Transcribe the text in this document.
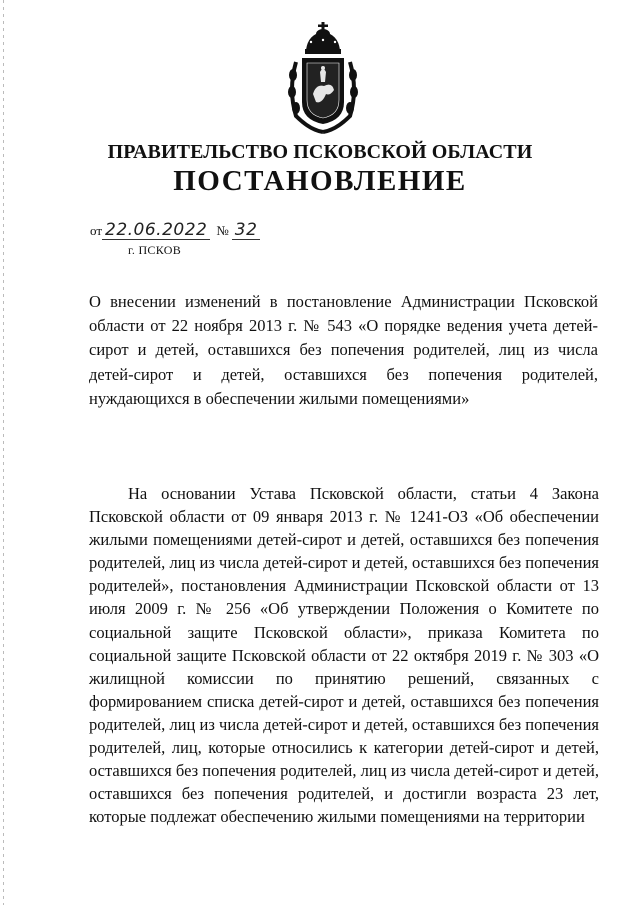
ПРАВИТЕЛЬСТВО ПСКОВСКОЙ ОБЛАСТИ
ПОСТАНОВЛЕНИЕ
от 22.06.2022 № 32
г. ПСКОВ
О внесении изменений в постановление Администрации Псковской области от 22 ноября 2013 г. № 543 «О порядке ведения учета детей-сирот и детей, оставшихся без попечения родителей, лиц из числа детей-сирот и детей, оставшихся без попечения родителей, нуждающихся в обеспечении жилыми помещениями»
На основании Устава Псковской области, статьи 4 Закона Псковской области от 09 января 2013 г. № 1241-ОЗ «Об обеспечении жилыми помещениями детей-сирот и детей, оставшихся без попечения родителей, лиц из числа детей-сирот и детей, оставшихся без попечения родителей», постановления Администрации Псковской области от 13 июля 2009 г. № 256 «Об утверждении Положения о Комитете по социальной защите Псковской области», приказа Комитета по социальной защите Псковской области от 22 октября 2019 г. № 303 «О жилищной комиссии по принятию решений, связанных с формированием списка детей-сирот и детей, оставшихся без попечения родителей, лиц из числа детей-сирот и детей, оставшихся без попечения родителей, лиц, которые относились к категории детей-сирот и детей, оставшихся без попечения родителей, лиц из числа детей-сирот и детей, оставшихся без попечения родителей, и достигли возраста 23 лет, которые подлежат обеспечению жилыми помещениями на территории
